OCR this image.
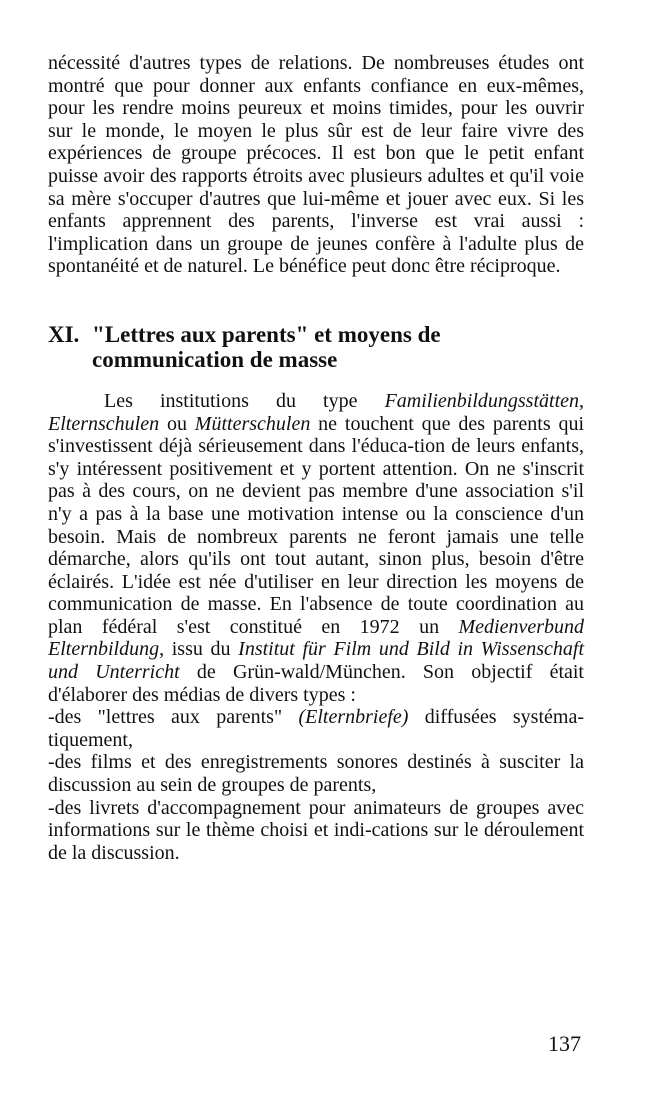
nécessité d'autres types de relations. De nombreuses études ont montré que pour donner aux enfants confiance en eux-mêmes, pour les rendre moins peureux et moins timides, pour les ouvrir sur le monde, le moyen le plus sûr est de leur faire vivre des expériences de groupe précoces. Il est bon que le petit enfant puisse avoir des rapports étroits avec plusieurs adultes et qu'il voie sa mère s'occuper d'autres que lui-même et jouer avec eux. Si les enfants apprennent des parents, l'inverse est vrai aussi : l'implication dans un groupe de jeunes confère à l'adulte plus de spontanéité et de naturel. Le bénéfice peut donc être réciproque.

XI. "Lettres aux parents" et moyens de
communication de masse

Les institutions du type Familienbildungsstätten, Elternschulen ou Mütterschulen ne touchent que des parents qui s'investissent déjà sérieusement dans l'éduca-tion de leurs enfants, s'y intéressent positivement et y portent attention. On ne s'inscrit pas à des cours, on ne devient pas membre d'une association s'il n'y a pas à la base une motivation intense ou la conscience d'un besoin. Mais de nombreux parents ne feront jamais une telle démarche, alors qu'ils ont tout autant, sinon plus, besoin d'être éclairés. L'idée est née d'utiliser en leur direction les moyens de communication de masse. En l'absence de toute coordination au plan fédéral s'est constitué en 1972 un Medienverbund Elternbildung, issu du Institut für Film und Bild in Wissenschaft und Unterricht de Grün-wald/München. Son objectif était d'élaborer des médias de divers types :

-des "lettres aux parents" (Elternbriefe) diffusées systéma-tiquement,

-des films et des enregistrements sonores destinés à susciter la discussion au sein de groupes de parents,

-des livrets d'accompagnement pour animateurs de groupes avec informations sur le thème choisi et indi-cations sur le déroulement de la discussion.

137
